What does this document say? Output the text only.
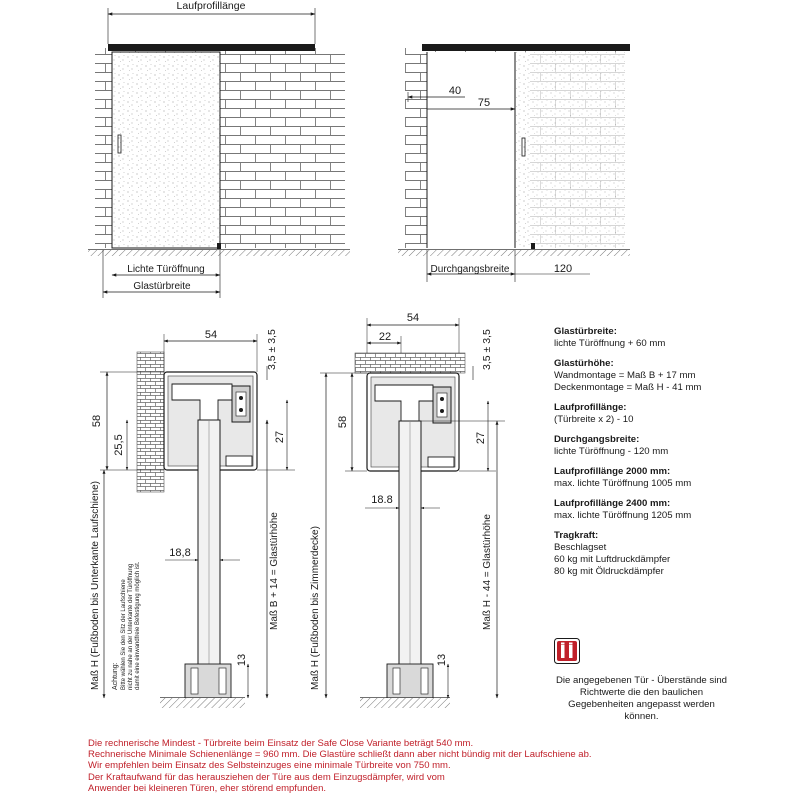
Laufprofillänge
Lichte Türöffnung
Glastürbreite
40
75
Durchgangsbreite	120
54	3,5 ± 3,5
58
25,5	27
18,8
13
Maß H (Fußboden bis Unterkante Laufschiene)	Maß B + 14 = Glastürhöhe
Achtung: Bitte wählen Sie den Sitz der Laufschiene nicht zu nahe an der Unterkante der Türöffnung damit eine einwandfreie Befestigung möglich ist.
54
22	3,5 ± 3,5
58
27
18.8
13
Maß H (Fußboden bis Zimmerdecke)	Maß H - 44 = Glastürhöhe
Glastürbreite:
lichte Türöffnung + 60 mm
Glastürhöhe:
Wandmontage = Maß B + 17 mm
Deckenmontage = Maß H - 41 mm
Laufprofillänge:
(Türbreite x 2) - 10
Durchgangsbreite:
lichte Türöffnung - 120 mm
Laufprofillänge 2000 mm:
max. lichte Türöffnung 1005 mm
Laufprofillänge 2400 mm:
max. lichte Türöffnung 1205 mm
Tragkraft:
Beschlagset
60 kg mit Luftdruckdämpfer
80 kg mit Öldruckdämpfer
Die angegebenen Tür - Überstände sind Richtwerte die den baulichen Gegebenheiten angepasst werden können.
Die rechnerische Mindest - Türbreite beim Einsatz der Safe Close Variante beträgt 540 mm.
Rechnerische Minimale Schienenlänge = 960 mm. Die Glastüre schließt dann aber nicht bündig mit der Laufschiene ab.
Wir empfehlen beim Einsatz des Selbsteinzuges eine minimale Türbreite von 750 mm.
Der Kraftaufwand für das herausziehen der Türe aus dem Einzugsdämpfer, wird vom
Anwender bei kleineren Türen, eher störend empfunden.
